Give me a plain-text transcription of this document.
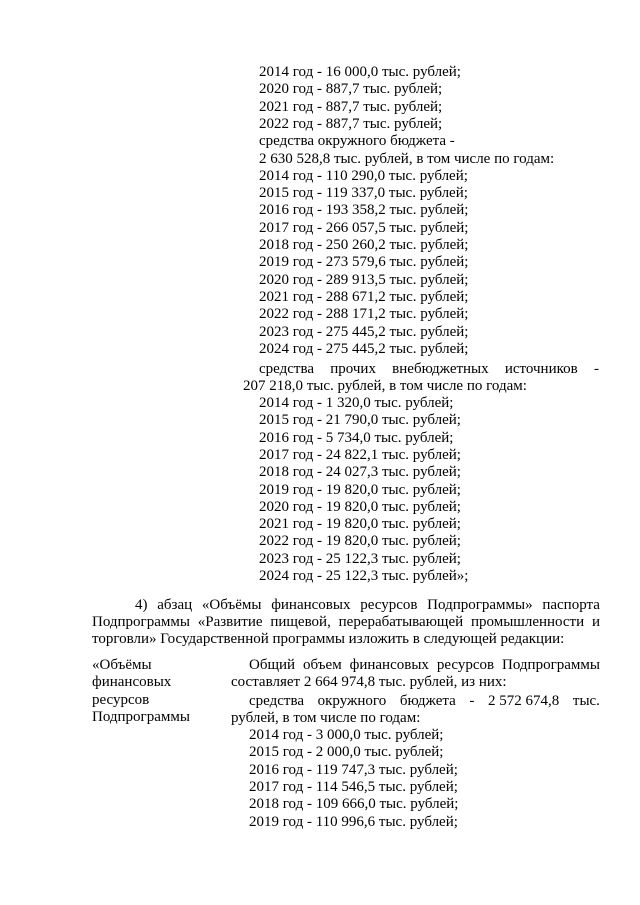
2014 год - 16 000,0 тыс. рублей;
2020 год - 887,7 тыс. рублей;
2021 год - 887,7 тыс. рублей;
2022 год - 887,7 тыс. рублей;
средства окружного бюджета -
2 630 528,8 тыс. рублей, в том числе по годам:
2014 год - 110 290,0 тыс. рублей;
2015 год - 119 337,0 тыс. рублей;
2016 год - 193 358,2 тыс. рублей;
2017 год - 266 057,5 тыс. рублей;
2018 год - 250 260,2 тыс. рублей;
2019 год - 273 579,6 тыс. рублей;
2020 год - 289 913,5 тыс. рублей;
2021 год - 288 671,2 тыс. рублей;
2022 год - 288 171,2 тыс. рублей;
2023 год - 275 445,2 тыс. рублей;
2024 год - 275 445,2 тыс. рублей;
средства прочих внебюджетных источников -
207 218,0 тыс. рублей, в том числе по годам:
2014 год - 1 320,0 тыс. рублей;
2015 год - 21 790,0 тыс. рублей;
2016 год - 5 734,0 тыс. рублей;
2017 год - 24 822,1 тыс. рублей;
2018 год - 24 027,3 тыс. рублей;
2019 год - 19 820,0 тыс. рублей;
2020 год - 19 820,0 тыс. рублей;
2021 год - 19 820,0 тыс. рублей;
2022 год - 19 820,0 тыс. рублей;
2023 год - 25 122,3 тыс. рублей;
2024 год - 25 122,3 тыс. рублей»;
4) абзац «Объёмы финансовых ресурсов Подпрограммы» паспорта
Подпрограммы «Развитие пищевой, перерабатывающей промышленности и
торговли» Государственной программы изложить в следующей редакции:
«Объёмы
финансовых
ресурсов
Подпрограммы
Общий объем финансовых ресурсов Подпрограммы
составляет 2 664 974,8 тыс. рублей, из них:
средства окружного бюджета - 2 572 674,8 тыс.
рублей, в том числе по годам:
2014 год - 3 000,0 тыс. рублей;
2015 год - 2 000,0 тыс. рублей;
2016 год - 119 747,3 тыс. рублей;
2017 год - 114 546,5 тыс. рублей;
2018 год - 109 666,0 тыс. рублей;
2019 год - 110 996,6 тыс. рублей;
